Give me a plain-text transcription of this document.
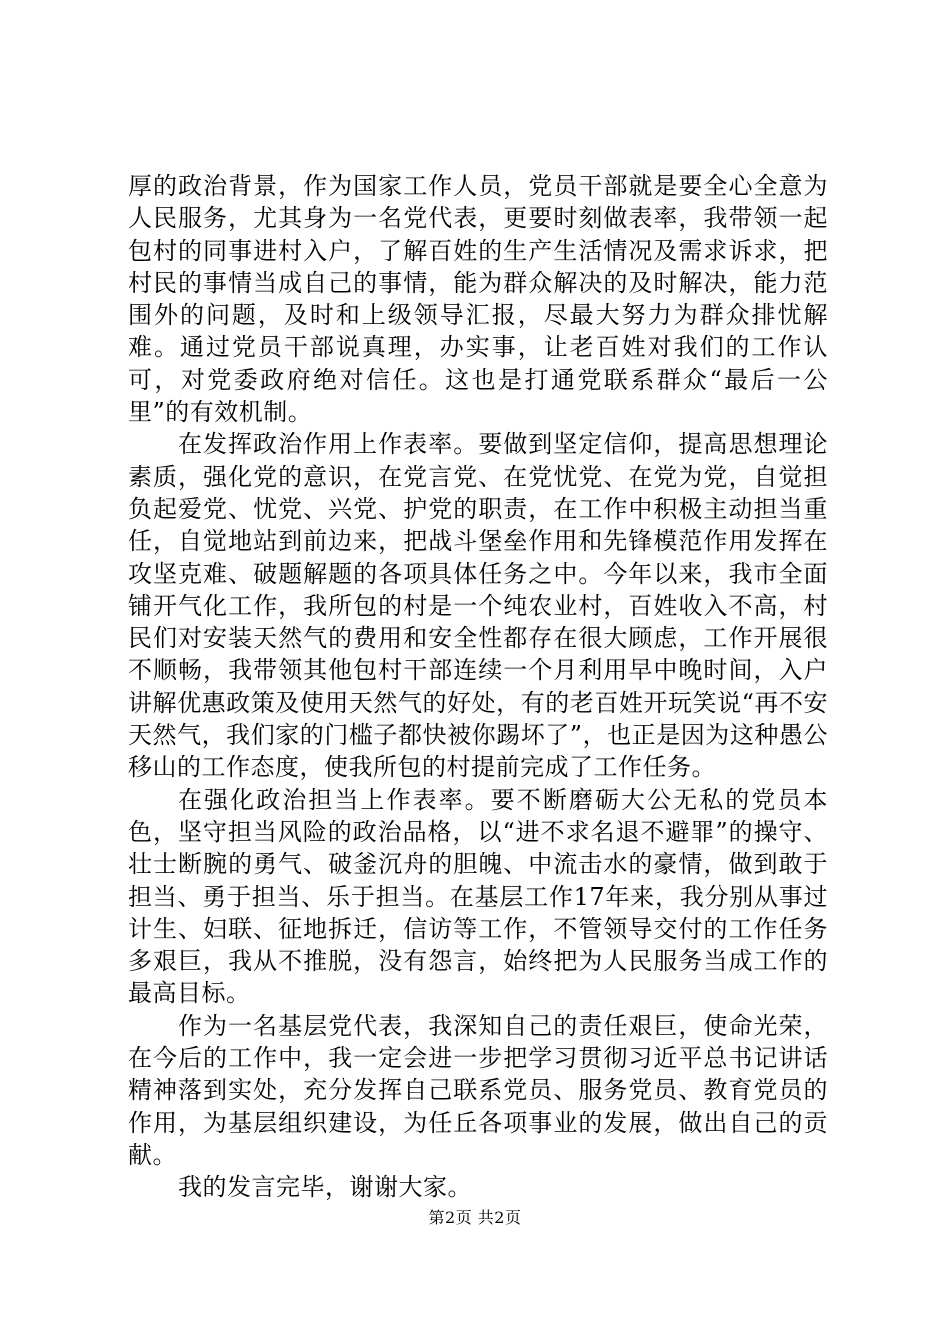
厚的政治背景，作为国家工作人员，党员干部就是要全心全意为人民服务，尤其身为一名党代表，更要时刻做表率，我带领一起包村的同事进村入户，了解百姓的生产生活情况及需求诉求，把村民的事情当成自己的事情，能为群众解决的及时解决，能力范围外的问题，及时和上级领导汇报，尽最大努力为群众排忧解难。通过党员干部说真理，办实事，让老百姓对我们的工作认可，对党委政府绝对信任。这也是打通党联系群众“最后一公里”的有效机制。

在发挥政治作用上作表率。要做到坚定信仰，提高思想理论素质，强化党的意识，在党言党、在党忧党、在党为党，自觉担负起爱党、忧党、兴党、护党的职责，在工作中积极主动担当重任，自觉地站到前边来，把战斗堡垒作用和先锋模范作用发挥在攻坚克难、破题解题的各项具体任务之中。今年以来，我市全面铺开气化工作，我所包的村是一个纯农业村，百姓收入不高，村民们对安装天然气的费用和安全性都存在很大顾虑，工作开展很不顺畅，我带领其他包村干部连续一个月利用早中晚时间，入户讲解优惠政策及使用天然气的好处，有的老百姓开玩笑说“再不安天然气，我们家的门槛子都快被你踢坏了”，也正是因为这种愚公移山的工作态度，使我所包的村提前完成了工作任务。

在强化政治担当上作表率。要不断磨砺大公无私的党员本色，坚守担当风险的政治品格，以“进不求名退不避罪”的操守、壮士断腕的勇气、破釜沉舟的胆魄、中流击水的豪情，做到敢于担当、勇于担当、乐于担当。在基层工作17年来，我分别从事过计生、妇联、征地拆迁，信访等工作，不管领导交付的工作任务多艰巨，我从不推脱，没有怨言，始终把为人民服务当成工作的最高目标。

作为一名基层党代表，我深知自己的责任艰巨，使命光荣，在今后的工作中，我一定会进一步把学习贯彻习近平总书记讲话精神落到实处，充分发挥自己联系党员、服务党员、教育党员的作用，为基层组织建设，为任丘各项事业的发展，做出自己的贡献。

我的发言完毕，谢谢大家。

第2页 共2页
